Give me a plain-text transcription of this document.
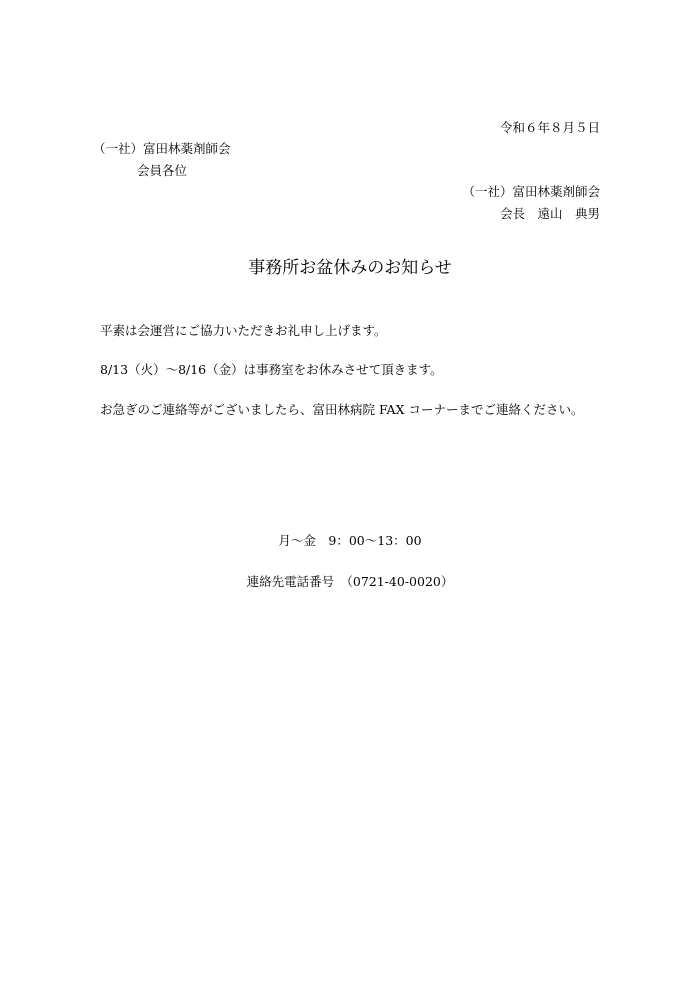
令和６年８月５日
（一社）富田林薬剤師会
会員各位
（一社）富田林薬剤師会
会長　遠山　典男
事務所お盆休みのお知らせ
平素は会運営にご協力いただきお礼申し上げます。
8/13（火）～8/16（金）は事務室をお休みさせて頂きます。
お急ぎのご連絡等がございましたら、富田林病院 FAX コーナーまでご連絡ください。
月～金　9：00～13：00
連絡先電話番号　（0721-40-0020）
